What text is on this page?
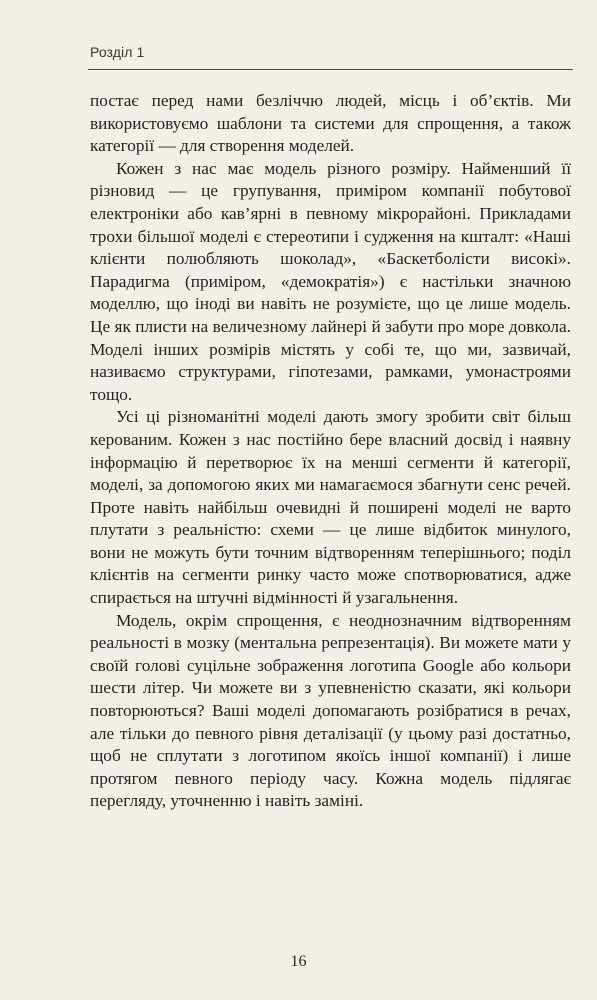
Розділ 1

постає перед нами безліччю людей, місць і об’єктів. Ми використовуємо шаблони та системи для спрощення, а також категорії — для створення моделей.

Кожен з нас має модель різного розміру. Найменший її різновид — це групування, приміром компанії побутової електроніки або кав’ярні в певному мікрорайоні. Прикладами трохи більшої моделі є стереотипи і судження на кшталт: «Наші клієнти полюбляють шоколад», «Баскетболісти високі». Парадигма (приміром, «демократія») є настільки значною моделлю, що іноді ви навіть не розумієте, що це лише модель. Це як плисти на величезному лайнері й забути про море довкола. Моделі інших розмірів містять у собі те, що ми, зазвичай, називаємо структурами, гіпотезами, рамками, умонастроями тощо.

Усі ці різноманітні моделі дають змогу зробити світ більш керованим. Кожен з нас постійно бере власний досвід і наявну інформацію й перетворює їх на менші сегменти й категорії, моделі, за допомогою яких ми намагаємося збагнути сенс речей. Проте навіть найбільш очевидні й поширені моделі не варто плутати з реальністю: схеми — це лише відбиток минулого, вони не можуть бути точним відтворенням теперішнього; поділ клієнтів на сегменти ринку часто може спотворюватися, адже спирається на штучні відмінності й узагальнення.

Модель, окрім спрощення, є неоднозначним відтворенням реальності в мозку (ментальна репрезентація). Ви можете мати у своїй голові суцільне зображення логотипа Google або кольори шести літер. Чи можете ви з упевненістю сказати, які кольори повторюються? Ваші моделі допомагають розібратися в речах, але тільки до певного рівня деталізації (у цьому разі достатньо, щоб не сплутати з логотипом якоїсь іншої компанії) і лише протягом певного періоду часу. Кожна модель підлягає перегляду, уточненню і навіть заміні.

16
